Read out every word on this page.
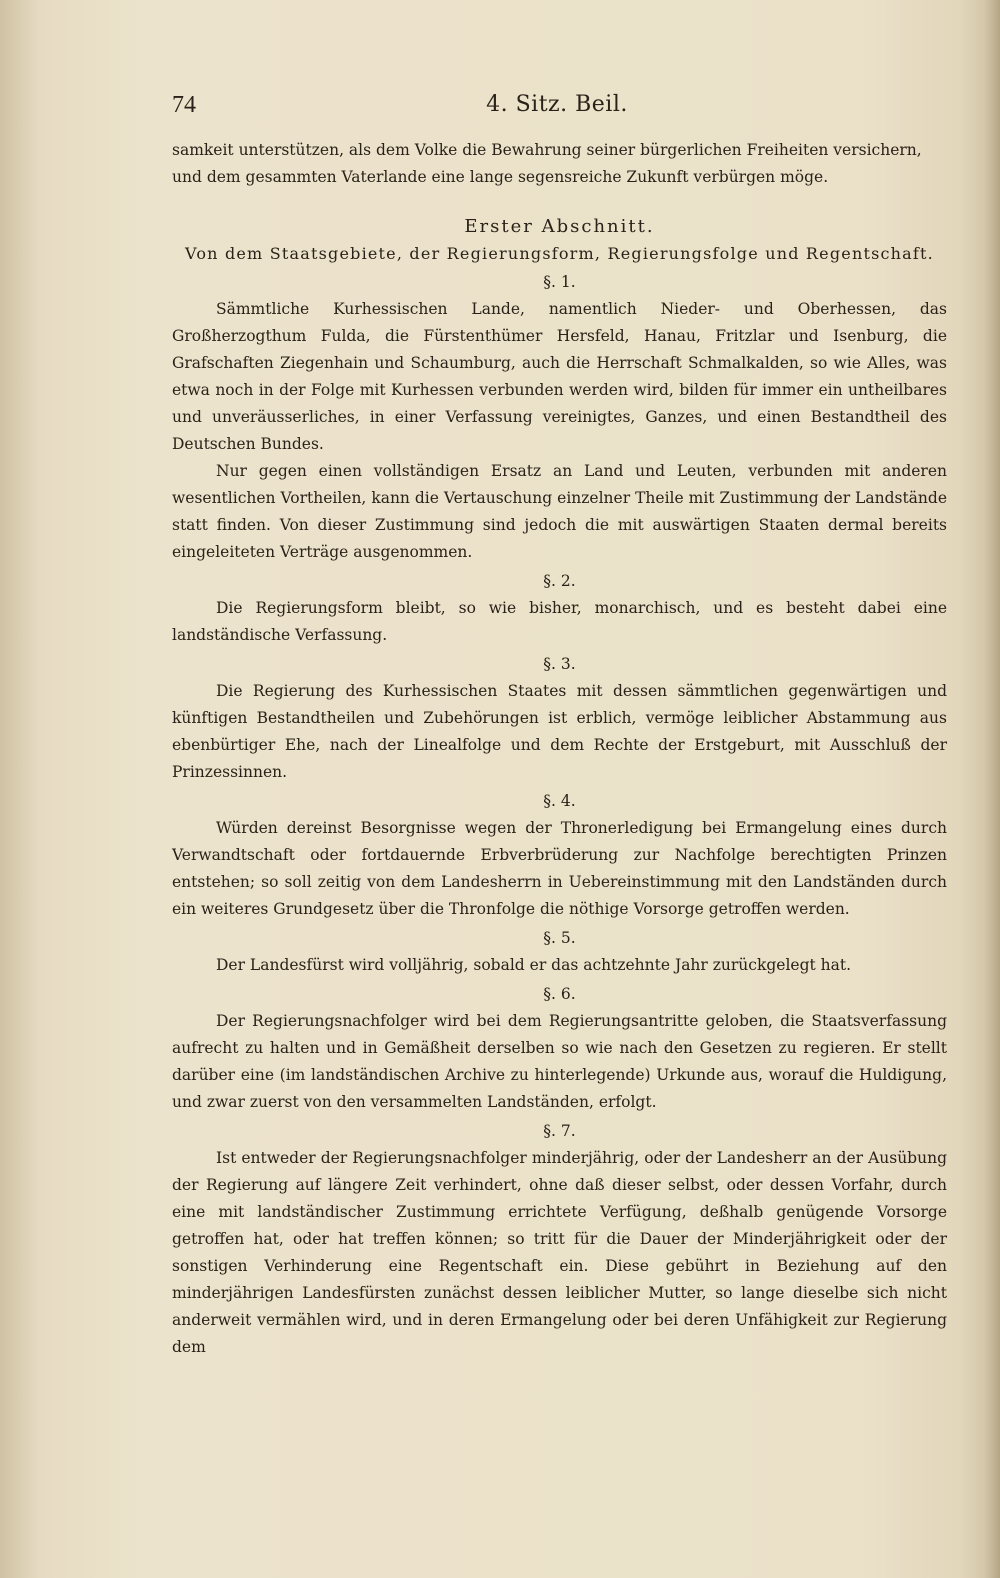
74	4. Sitz. Beil.

samkeit unterstützen, als dem Volke die Bewahrung seiner bürgerlichen Freiheiten versichern,

und dem gesammten Vaterlande eine lange segensreiche Zukunft verbürgen möge.

Erster Abschnitt.

Von dem Staatsgebiete, der Regierungsform, Regierungsfolge und Regentschaft.

§. 1.

Sämmtliche Kurhessischen Lande, namentlich Nieder- und Oberhessen, das Großherzogthum Fulda, die Fürstenthümer Hersfeld, Hanau, Fritzlar und Isenburg, die Grafschaften Ziegenhain und Schaumburg, auch die Herrschaft Schmalkalden, so wie Alles, was etwa noch in der Folge mit Kurhessen verbunden werden wird, bilden für immer ein untheilbares und unveräusserliches, in einer Verfassung vereinigtes, Ganzes, und einen Bestandtheil des Deutschen Bundes.

Nur gegen einen vollständigen Ersatz an Land und Leuten, verbunden mit anderen wesentlichen Vortheilen, kann die Vertauschung einzelner Theile mit Zustimmung der Landstände statt finden. Von dieser Zustimmung sind jedoch die mit auswärtigen Staaten dermal bereits eingeleiteten Verträge ausgenommen.

§. 2.

Die Regierungsform bleibt, so wie bisher, monarchisch, und es besteht dabei eine landständische Verfassung.

§. 3.

Die Regierung des Kurhessischen Staates mit dessen sämmtlichen gegenwärtigen und künftigen Bestandtheilen und Zubehörungen ist erblich, vermöge leiblicher Abstammung aus ebenbürtiger Ehe, nach der Linealfolge und dem Rechte der Erstgeburt, mit Ausschluß der Prinzessinnen.

§. 4.

Würden dereinst Besorgnisse wegen der Thronerledigung bei Ermangelung eines durch Verwandtschaft oder fortdauernde Erbverbrüderung zur Nachfolge berechtigten Prinzen entstehen; so soll zeitig von dem Landesherrn in Uebereinstimmung mit den Landständen durch ein weiteres Grundgesetz über die Thronfolge die nöthige Vorsorge getroffen werden.

§. 5.

Der Landesfürst wird volljährig, sobald er das achtzehnte Jahr zurückgelegt hat.

§. 6.

Der Regierungsnachfolger wird bei dem Regierungsantritte geloben, die Staatsverfassung aufrecht zu halten und in Gemäßheit derselben so wie nach den Gesetzen zu regieren. Er stellt darüber eine (im landständischen Archive zu hinterlegende) Urkunde aus, worauf die Huldigung, und zwar zuerst von den versammelten Landständen, erfolgt.

§. 7.

Ist entweder der Regierungsnachfolger minderjährig, oder der Landesherr an der Ausübung der Regierung auf längere Zeit verhindert, ohne daß dieser selbst, oder dessen Vorfahr, durch eine mit landständischer Zustimmung errichtete Verfügung, deßhalb genügende Vorsorge getroffen hat, oder hat treffen können; so tritt für die Dauer der Minderjährigkeit oder der sonstigen Verhinderung eine Regentschaft ein. Diese gebührt in Beziehung auf den minderjährigen Landesfürsten zunächst dessen leiblicher Mutter, so lange dieselbe sich nicht anderweit vermählen wird, und in deren Ermangelung oder bei deren Unfähigkeit zur Regierung dem
